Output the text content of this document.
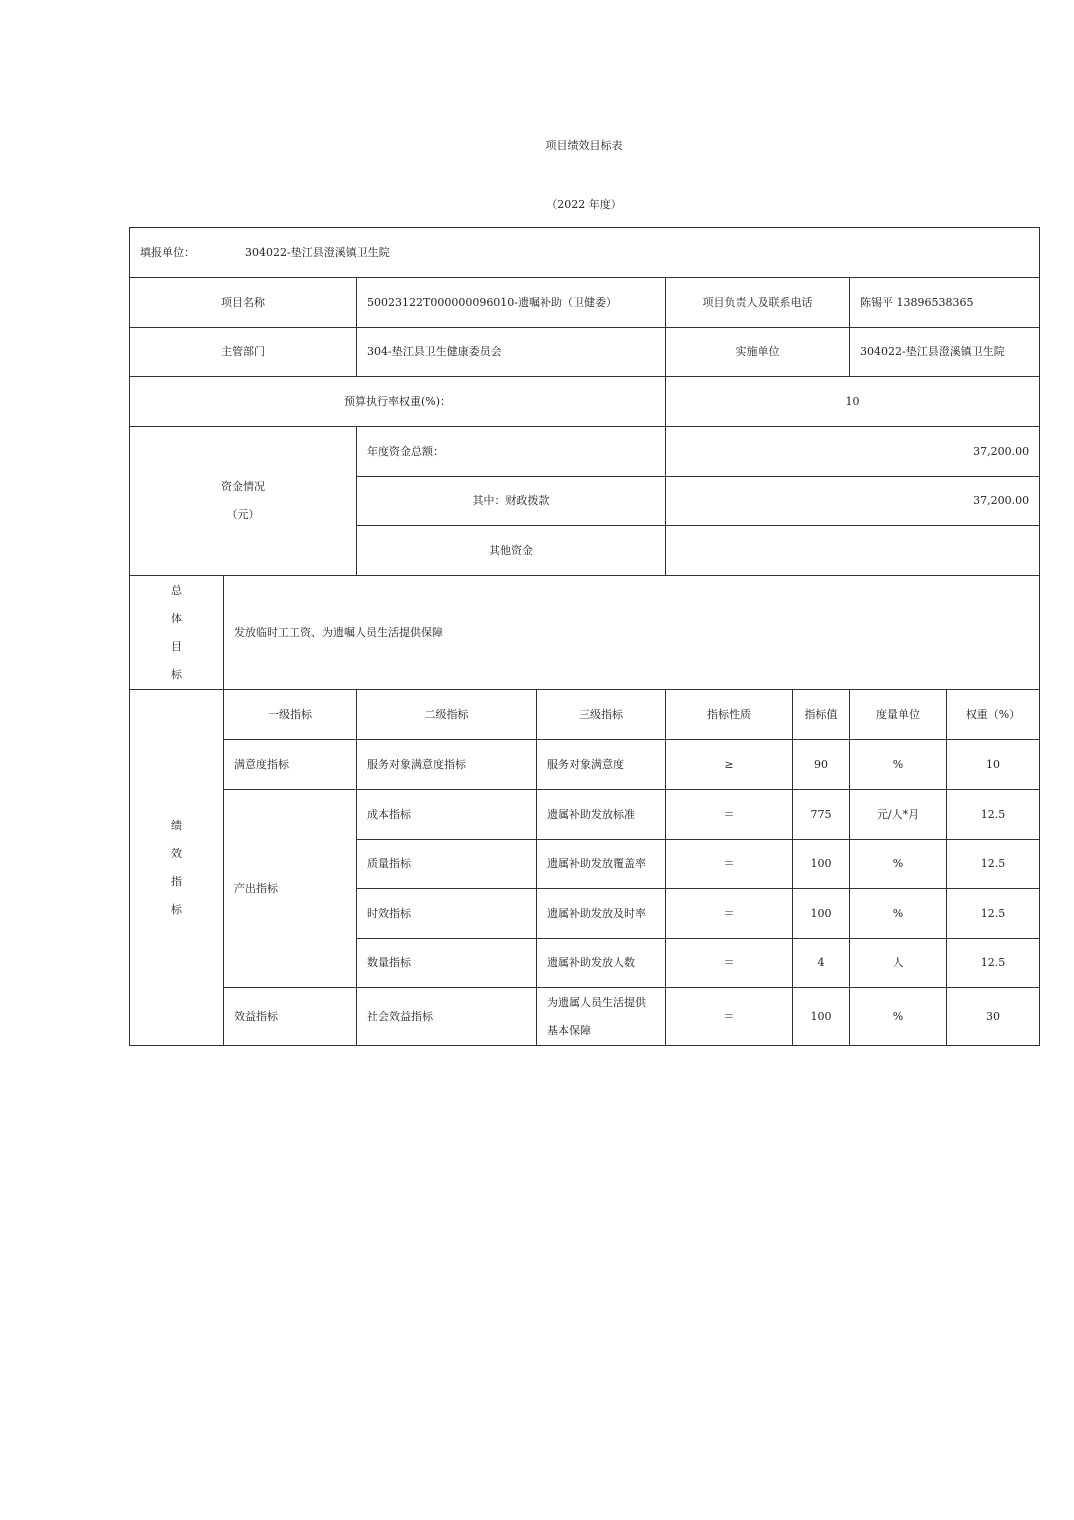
项目绩效目标表
（2022 年度）
填报单位： 304022-垫江县澄溪镇卫生院							
项目名称		50023122T000000096010-遗嘱补助（卫健委）		项目负责人及联系电话		陈锡平 13896538365	
主管部门		304-垫江县卫生健康委员会		实施单位		304022-垫江县澄溪镇卫生院	
预算执行率权重(%)：				10			

资金情况
（元）		年度资金总额：		37,200.00			
		其中：财政拨款		37,200.00			
		其他资金					

总
体
目
标	发放临时工工资、为遗嘱人员生活提供保障						

绩
效
指
标	一级指标	二级指标	三级指标	指标性质	指标值	度量单位	权重（%）
	满意度指标	服务对象满意度指标	服务对象满意度	≥	90	%	10
	产出指标	成本指标	遗属补助发放标准	＝	775	元/人*月	12.5
		质量指标	遗属补助发放覆盖率	＝	100	%	12.5
		时效指标	遗属补助发放及时率	＝	100	%	12.5
		数量指标	遗属补助发放人数	＝	4	人	12.5
	效益指标	社会效益指标	为遗属人员生活提供基本保障	＝	100	%	30
